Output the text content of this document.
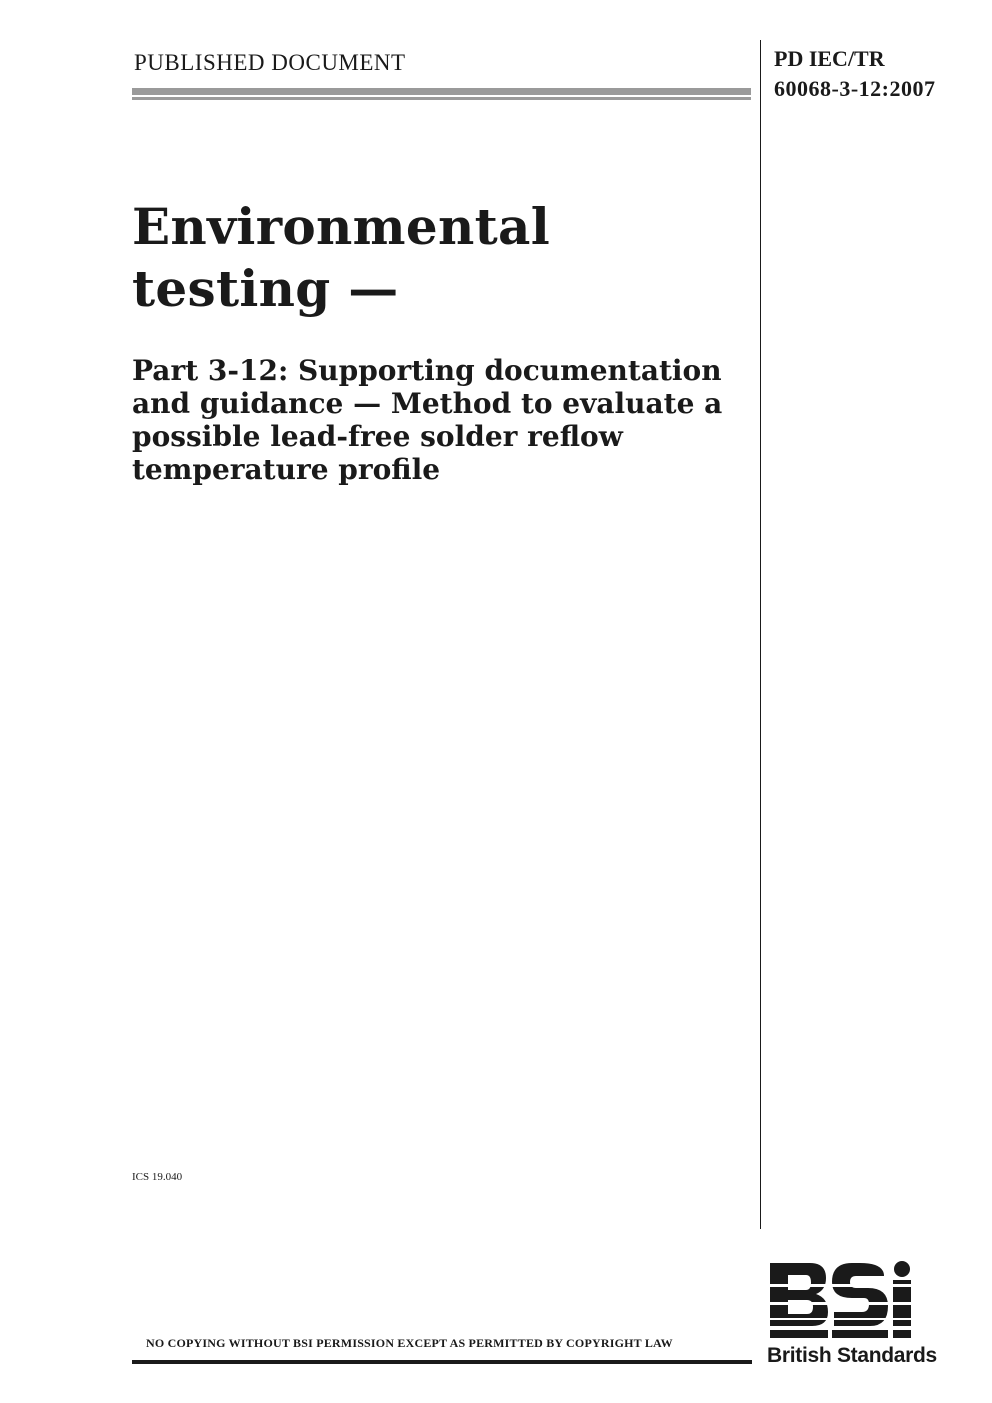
PUBLISHED DOCUMENT	PD IEC/TR
60068-3-12:2007
Environmental
testing —
Part 3-12: Supporting documentation
and guidance — Method to evaluate a
possible lead-free solder reflow
temperature profile
ICS 19.040
NO COPYING WITHOUT BSI PERMISSION EXCEPT AS PERMITTED BY COPYRIGHT LAW
British Standards
